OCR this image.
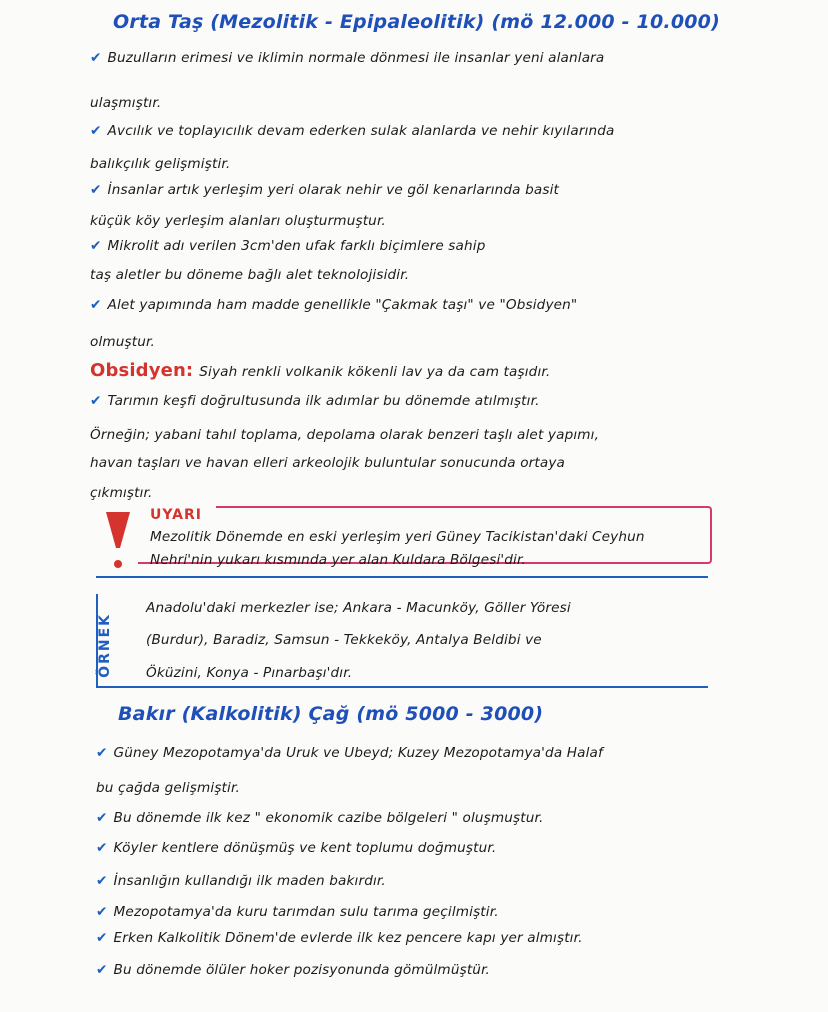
Orta Taş (Mezolitik - Epipaleolitik) (mö 12.000 - 10.000)
✔ Buzulların erimesi ve iklimin normale dönmesi ile insanlar yeni alanlara
ulaşmıştır.
✔ Avcılık ve toplayıcılık devam ederken sulak alanlarda ve nehir kıyılarında
balıkçılık gelişmiştir.
✔ İnsanlar artık yerleşim yeri olarak nehir ve göl kenarlarında basit
küçük köy yerleşim alanları oluşturmuştur.
✔ Mikrolit adı verilen 3cm'den ufak farklı biçimlere sahip
taş aletler bu döneme bağlı alet teknolojisidir.
✔ Alet yapımında ham madde genellikle "Çakmak taşı" ve "Obsidyen"
olmuştur.
Obsidyen: Siyah renkli volkanik kökenli lav ya da cam taşıdır.
✔ Tarımın keşfi doğrultusunda ilk adımlar bu dönemde atılmıştır.
Örneğin; yabani tahıl toplama, depolama olarak benzeri taşlı alet yapımı,
havan taşları ve havan elleri arkeolojik buluntular sonucunda ortaya
çıkmıştır.
UYARI
Mezolitik Dönemde en eski yerleşim yeri Güney Tacikistan'daki Ceyhun
Nehri'nin yukarı kısmında yer alan Kuldara Bölgesi'dir.
ÖRNEK
Anadolu'daki merkezler ise; Ankara - Macunköy, Göller Yöresi
(Burdur), Baradiz, Samsun - Tekkeköy, Antalya Beldibi ve
Öküzini, Konya - Pınarbaşı'dır.
Bakır (Kalkolitik) Çağ (mö 5000 - 3000)
✔ Güney Mezopotamya'da Uruk ve Ubeyd; Kuzey Mezopotamya'da Halaf
bu çağda gelişmiştir.
✔ Bu dönemde ilk kez " ekonomik cazibe bölgeleri " oluşmuştur.
✔ Köyler kentlere dönüşmüş ve kent toplumu doğmuştur.
✔ İnsanlığın kullandığı ilk maden bakırdır.
✔ Mezopotamya'da kuru tarımdan sulu tarıma geçilmiştir.
✔ Erken Kalkolitik Dönem'de evlerde ilk kez pencere kapı yer almıştır.
✔ Bu dönemde ölüler hoker pozisyonunda gömülmüştür.
